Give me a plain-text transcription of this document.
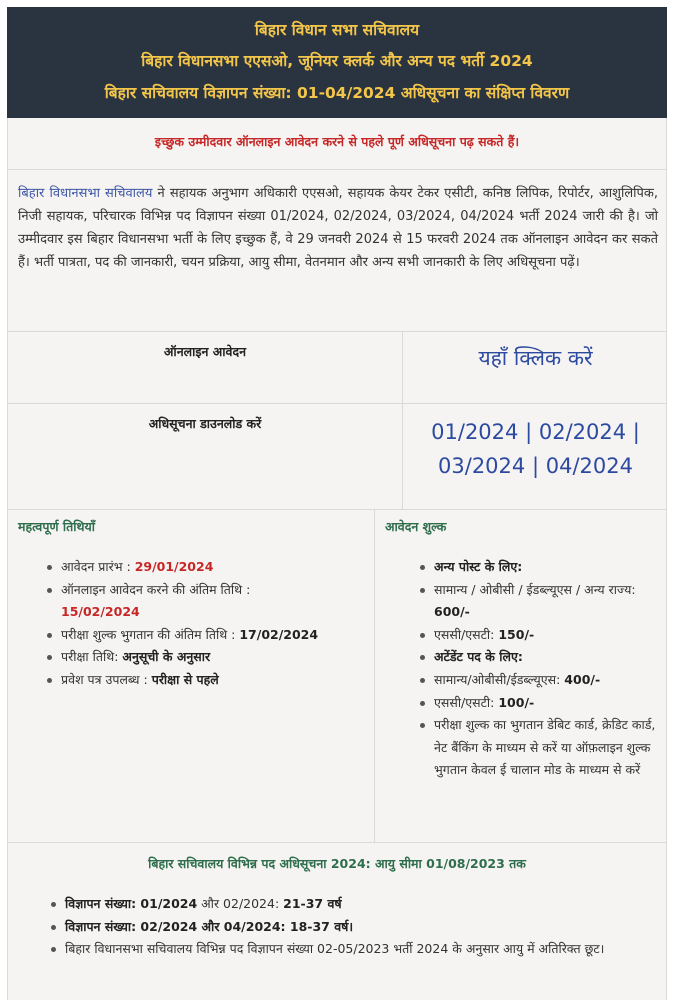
बिहार विधान सभा सचिवालय
बिहार विधानसभा एएसओ, जूनियर क्लर्क और अन्य पद भर्ती 2024
बिहार सचिवालय विज्ञापन संख्या: 01-04/2024 अधिसूचना का संक्षिप्त विवरण
इच्छुक उम्मीदवार ऑनलाइन आवेदन करने से पहले पूर्ण अधिसूचना पढ़ सकते हैं।
बिहार विधानसभा सचिवालय ने सहायक अनुभाग अधिकारी एएसओ, सहायक केयर टेकर एसीटी, कनिष्ठ लिपिक, रिपोर्टर, आशुलिपिक, निजी सहायक, परिचारक विभिन्न पद विज्ञापन संख्या 01/2024, 02/2024, 03/2024, 04/2024 भर्ती 2024 जारी की है। जो उम्मीदवार इस बिहार विधानसभा भर्ती के लिए इच्छुक हैं, वे 29 जनवरी 2024 से 15 फरवरी 2024 तक ऑनलाइन आवेदन कर सकते हैं। भर्ती पात्रता, पद की जानकारी, चयन प्रक्रिया, आयु सीमा, वेतनमान और अन्य सभी जानकारी के लिए अधिसूचना पढ़ें।
ऑनलाइन आवेदन	यहाँ क्लिक करें
अधिसूचना डाउनलोड करें	01/2024 | 02/2024 |
03/2024 | 04/2024
महत्वपूर्ण तिथियाँ
आवेदन प्रारंभ : 29/01/2024
ऑनलाइन आवेदन करने की अंतिम तिथि :
15/02/2024
परीक्षा शुल्क भुगतान की अंतिम तिथि : 17/02/2024
परीक्षा तिथि: अनुसूची के अनुसार
प्रवेश पत्र उपलब्ध : परीक्षा से पहले
आवेदन शुल्क
अन्य पोस्ट के लिए:
सामान्य / ओबीसी / ईडब्ल्यूएस / अन्य राज्य: 600/-
एससी/एसटी: 150/-
अटेंडेंट पद के लिए:
सामान्य/ओबीसी/ईडब्ल्यूएस: 400/-
एससी/एसटी: 100/-
परीक्षा शुल्क का भुगतान डेबिट कार्ड, क्रेडिट कार्ड, नेट बैंकिंग के माध्यम से करें या ऑफ़लाइन शुल्क भुगतान केवल ई चालान मोड के माध्यम से करें
बिहार सचिवालय विभिन्न पद अधिसूचना 2024: आयु सीमा 01/08/2023 तक
विज्ञापन संख्या: 01/2024 और 02/2024: 21-37 वर्ष
विज्ञापन संख्या: 02/2024 और 04/2024: 18-37 वर्ष।
बिहार विधानसभा सचिवालय विभिन्न पद विज्ञापन संख्या 02-05/2023 भर्ती 2024 के अनुसार आयु में अतिरिक्त छूट।
